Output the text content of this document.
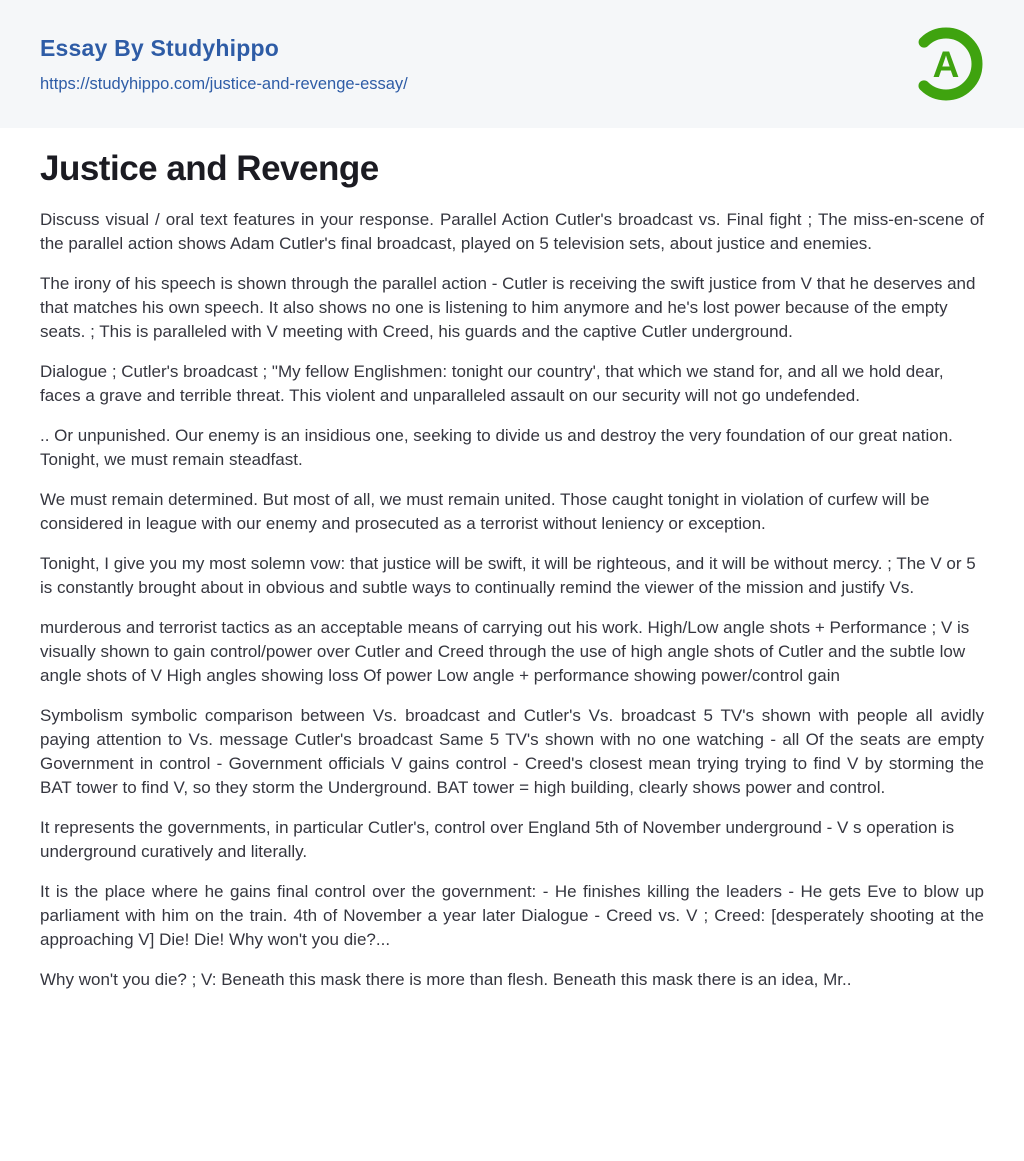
Essay By Studyhippo
https://studyhippo.com/justice-and-revenge-essay/	A
Justice and Revenge

Discuss visual / oral text features in your response. Parallel Action Cutler's broadcast vs. Final fight ; The miss-en-scene of the parallel action shows Adam Cutler's final broadcast, played on 5 television sets, about justice and enemies.

The irony of his speech is shown through the parallel action - Cutler is receiving the swift justice from V that he deserves and that matches his own speech. It also shows no one is listening to him anymore and he's lost power because of the empty seats. ; This is paralleled with V meeting with Creed, his guards and the captive Cutler underground.

Dialogue ; Cutler's broadcast ; "My fellow Englishmen: tonight our country', that which we stand for, and all we hold dear, faces a grave and terrible threat. This violent and unparalleled assault on our security will not go undefended.

.. Or unpunished. Our enemy is an insidious one, seeking to divide us and destroy the very foundation of our great nation. Tonight, we must remain steadfast.

We must remain determined. But most of all, we must remain united. Those caught tonight in violation of curfew will be considered in league with our enemy and prosecuted as a terrorist without leniency or exception.

Tonight, I give you my most solemn vow: that justice will be swift, it will be righteous, and it will be without mercy. ; The V or 5 is constantly brought about in obvious and subtle ways to continually remind the viewer of the mission and justify Vs.

murderous and terrorist tactics as an acceptable means of carrying out his work. High/Low angle shots + Performance ; V is visually shown to gain control/power over Cutler and Creed through the use of high angle shots of Cutler and the subtle low angle shots of V High angles showing loss Of power Low angle + performance showing power/control gain

Symbolism symbolic comparison between Vs. broadcast and Cutler's Vs. broadcast 5 TV's shown with people all avidly paying attention to Vs. message Cutler's broadcast Same 5 TV's shown with no one watching - all Of the seats are empty Government in control - Government officials V gains control - Creed's closest mean trying trying to find V by storming the BAT tower to find V, so they storm the Underground. BAT tower = high building, clearly shows power and control.

It represents the governments, in particular Cutler's, control over England 5th of November underground - V s operation is underground curatively and literally.

It is the place where he gains final control over the government: - He finishes killing the leaders - He gets Eve to blow up parliament with him on the train. 4th of November a year later Dialogue - Creed vs. V ; Creed: [desperately shooting at the approaching V] Die! Die! Why won't you die?...

Why won't you die? ; V: Beneath this mask there is more than flesh. Beneath this mask there is an idea, Mr..
